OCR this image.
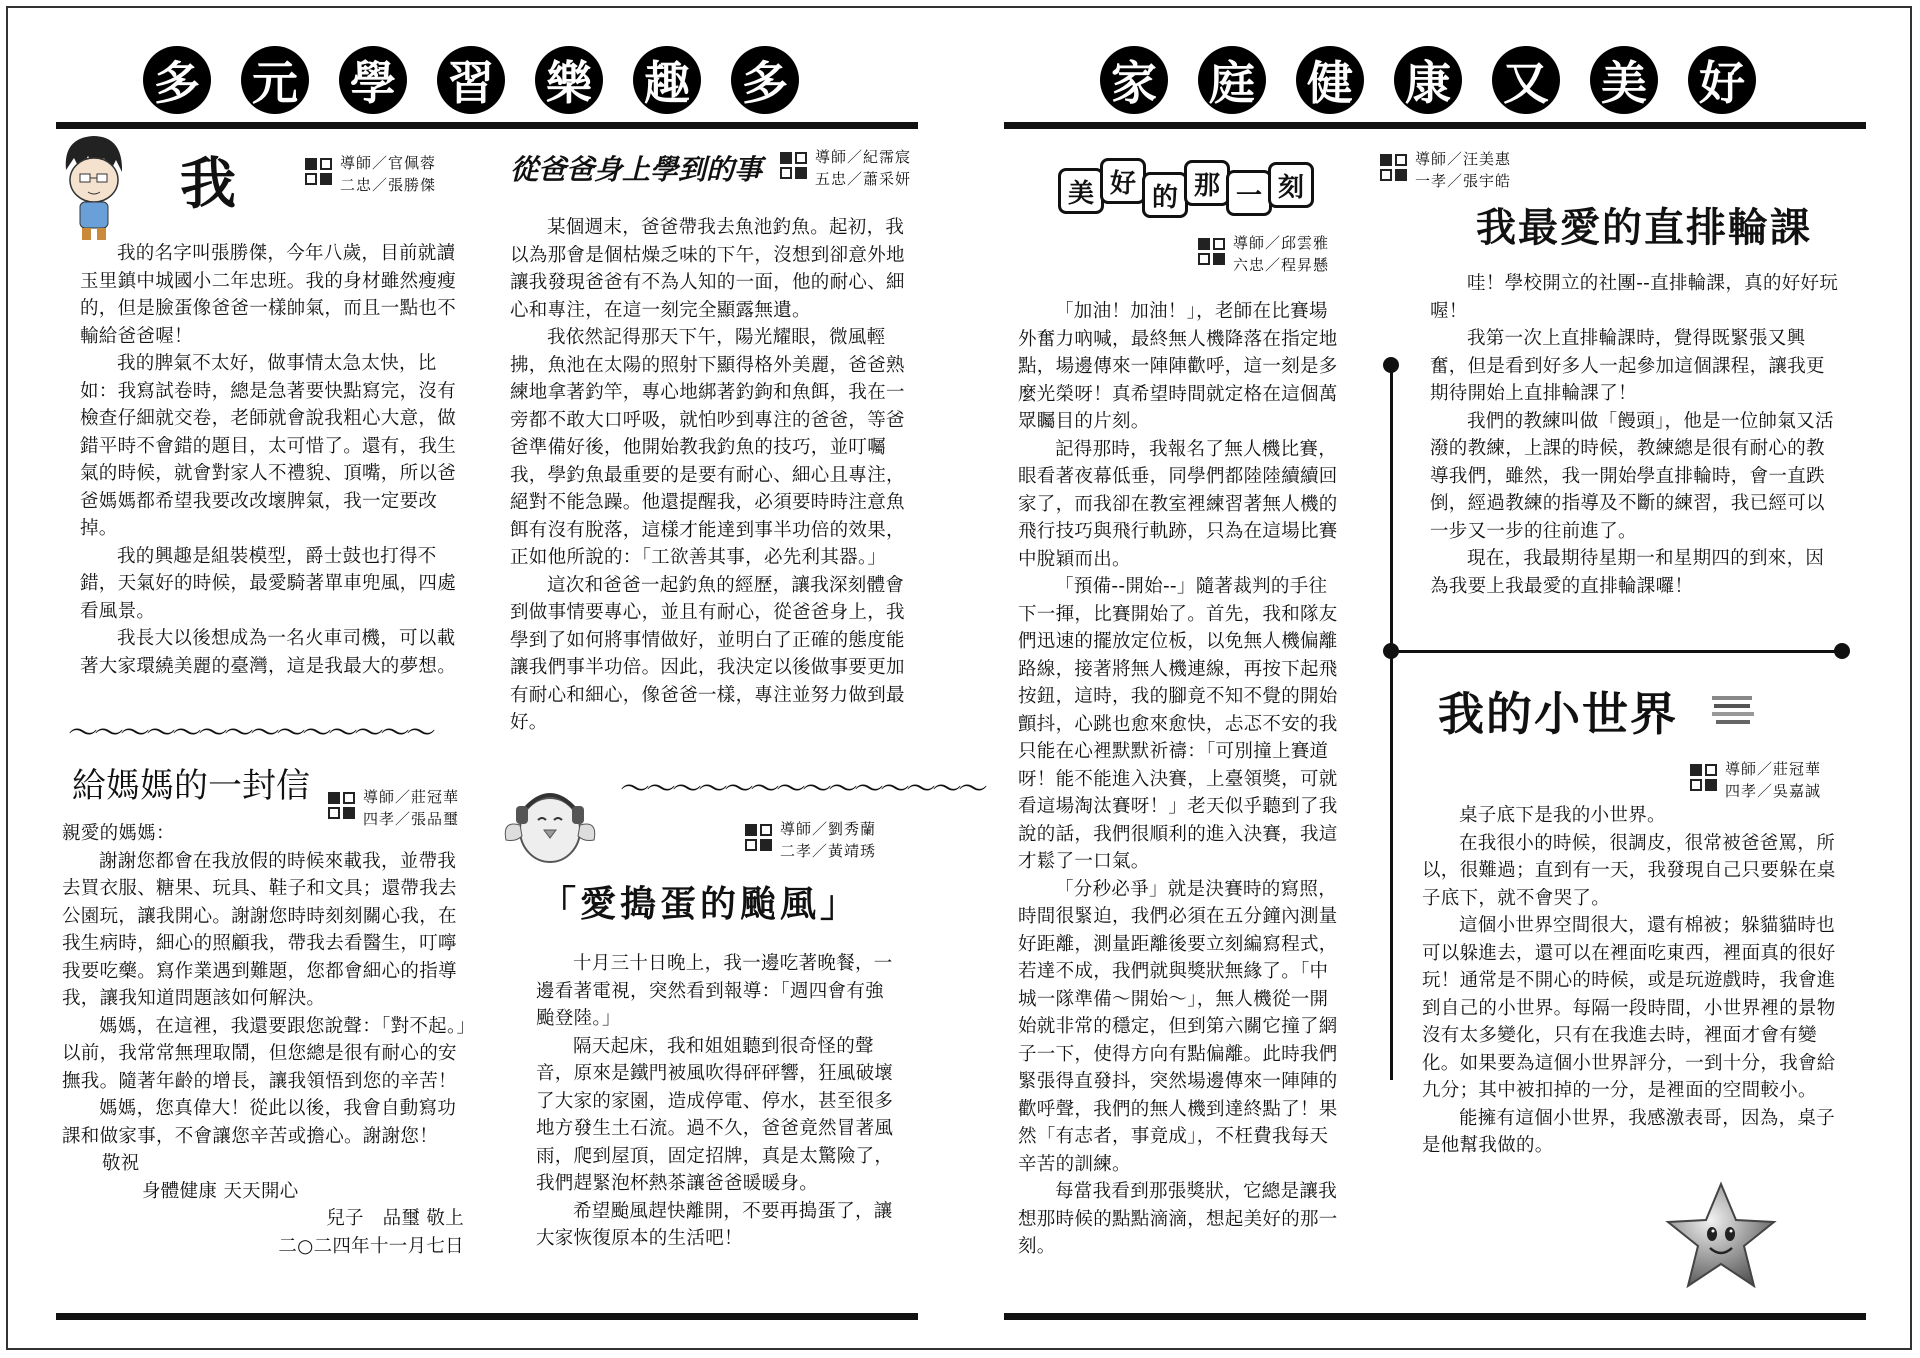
多 元 學 習 樂 趣 多	家 庭 健 康 又 美 好
我	導師／官佩蓉
二忠／張勝傑

我的名字叫張勝傑，今年八歲，目前就讀玉里鎮中城國小二年忠班。我的身材雖然瘦瘦的，但是臉蛋像爸爸一樣帥氣，而且一點也不輸給爸爸喔！

我的脾氣不太好，做事情太急太快，比如：我寫試卷時，總是急著要快點寫完，沒有檢查仔細就交卷，老師就會說我粗心大意，做錯平時不會錯的題目，太可惜了。還有，我生氣的時候，就會對家人不禮貌、頂嘴，所以爸爸媽媽都希望我要改改壞脾氣，我一定要改掉。

我的興趣是組裝模型，爵士鼓也打得不錯，天氣好的時候，最愛騎著單車兜風，四處看風景。

我長大以後想成為一名火車司機，可以載著大家環繞美麗的臺灣，這是我最大的夢想。

～～～～～～～～～～～～～～
給媽媽的一封信	導師／莊冠華
四孝／張品璽

親愛的媽媽：

謝謝您都會在我放假的時候來載我，並帶我去買衣服、糖果、玩具、鞋子和文具；還帶我去公園玩，讓我開心。謝謝您時時刻刻關心我，在我生病時，細心的照顧我，帶我去看醫生，叮嚀我要吃藥。寫作業遇到難題，您都會細心的指導我，讓我知道問題該如何解決。

媽媽，在這裡，我還要跟您說聲：「對不起。」以前，我常常無理取鬧，但您總是很有耐心的安撫我。隨著年齡的增長，讓我領悟到您的辛苦！

媽媽，您真偉大！從此以後，我會自動寫功課和做家事，不會讓您辛苦或擔心。謝謝您！

敬祝

身體健康 天天開心

兒子　品璽 敬上

二○二四年十一月七日

從爸爸身上學到的事	導師／紀霈宸
五忠／蕭采妍

某個週末，爸爸帶我去魚池釣魚。起初，我以為那會是個枯燥乏味的下午，沒想到卻意外地讓我發現爸爸有不為人知的一面，他的耐心、細心和專注，在這一刻完全顯露無遺。

我依然記得那天下午，陽光耀眼，微風輕拂，魚池在太陽的照射下顯得格外美麗，爸爸熟練地拿著釣竿，專心地綁著釣鉤和魚餌，我在一旁都不敢大口呼吸，就怕吵到專注的爸爸，等爸爸準備好後，他開始教我釣魚的技巧，並叮囑我，學釣魚最重要的是要有耐心、細心且專注，絕對不能急躁。他還提醒我，必須要時時注意魚餌有沒有脫落，這樣才能達到事半功倍的效果，正如他所說的：「工欲善其事，必先利其器。」

這次和爸爸一起釣魚的經歷，讓我深刻體會到做事情要專心，並且有耐心，從爸爸身上，我學到了如何將事情做好，並明白了正確的態度能讓我們事半功倍。因此，我決定以後做事要更加有耐心和細心，像爸爸一樣，專注並努力做到最好。

～～～～～～～～～～～～～～
導師／劉秀蘭
二孝／黃靖琇
「愛搗蛋的颱風」

十月三十日晚上，我一邊吃著晚餐，一邊看著電視，突然看到報導：「週四會有強颱登陸。」

隔天起床，我和姐姐聽到很奇怪的聲音，原來是鐵門被風吹得砰砰響，狂風破壞了大家的家園，造成停電、停水，甚至很多地方發生土石流。過不久，爸爸竟然冒著風雨，爬到屋頂，固定招牌，真是太驚險了，我們趕緊泡杯熱茶讓爸爸暖暖身。

希望颱風趕快離開，不要再搗蛋了，讓大家恢復原本的生活吧！

美 好 的 那 一 刻
導師／邱雲雅
六忠／程昇懸

「加油！加油！」，老師在比賽場外奮力吶喊，最終無人機降落在指定地點，場邊傳來一陣陣歡呼，這一刻是多麼光榮呀！真希望時間就定格在這個萬眾矚目的片刻。

記得那時，我報名了無人機比賽，眼看著夜幕低垂，同學們都陸陸續續回家了，而我卻在教室裡練習著無人機的飛行技巧與飛行軌跡，只為在這場比賽中脫穎而出。

「預備--開始--」隨著裁判的手往下一揮，比賽開始了。首先，我和隊友們迅速的擺放定位板，以免無人機偏離路線，接著將無人機連線，再按下起飛按鈕，這時，我的腳竟不知不覺的開始顫抖，心跳也愈來愈快，忐忑不安的我只能在心裡默默祈禱：「可別撞上賽道呀！能不能進入決賽，上臺領獎，可就看這場淘汰賽呀！」老天似乎聽到了我說的話，我們很順利的進入決賽，我這才鬆了一口氣。

「分秒必爭」就是決賽時的寫照，時間很緊迫，我們必須在五分鐘內測量好距離，測量距離後要立刻編寫程式，若達不成，我們就與獎狀無緣了。「中城一隊準備～開始～」，無人機從一開始就非常的穩定，但到第六關它撞了網子一下，使得方向有點偏離。此時我們緊張得直發抖，突然場邊傳來一陣陣的歡呼聲，我們的無人機到達終點了！果然「有志者，事竟成」，不枉費我每天辛苦的訓練。

每當我看到那張獎狀，它總是讓我想那時候的點點滴滴，想起美好的那一刻。

導師／汪美惠
一孝／張宇皓
我最愛的直排輪課

哇！學校開立的社團--直排輪課，真的好好玩喔！

我第一次上直排輪課時，覺得既緊張又興奮，但是看到好多人一起參加這個課程，讓我更期待開始上直排輪課了！

我們的教練叫做「饅頭」，他是一位帥氣又活潑的教練，上課的時候，教練總是很有耐心的教導我們，雖然，我一開始學直排輪時，會一直跌倒，經過教練的指導及不斷的練習，我已經可以一步又一步的往前進了。

現在，我最期待星期一和星期四的到來，因為我要上我最愛的直排輪課囉！

我的小世界
導師／莊冠華
四孝／吳嘉誠

桌子底下是我的小世界。

在我很小的時候，很調皮，很常被爸爸罵，所以，很難過；直到有一天，我發現自己只要躲在桌子底下，就不會哭了。

這個小世界空間很大，還有棉被；躲貓貓時也可以躲進去，還可以在裡面吃東西，裡面真的很好玩！通常是不開心的時候，或是玩遊戲時，我會進到自己的小世界。每隔一段時間，小世界裡的景物沒有太多變化，只有在我進去時，裡面才會有變化。如果要為這個小世界評分，一到十分，我會給九分；其中被扣掉的一分，是裡面的空間較小。

能擁有這個小世界，我感激表哥，因為，桌子是他幫我做的。
